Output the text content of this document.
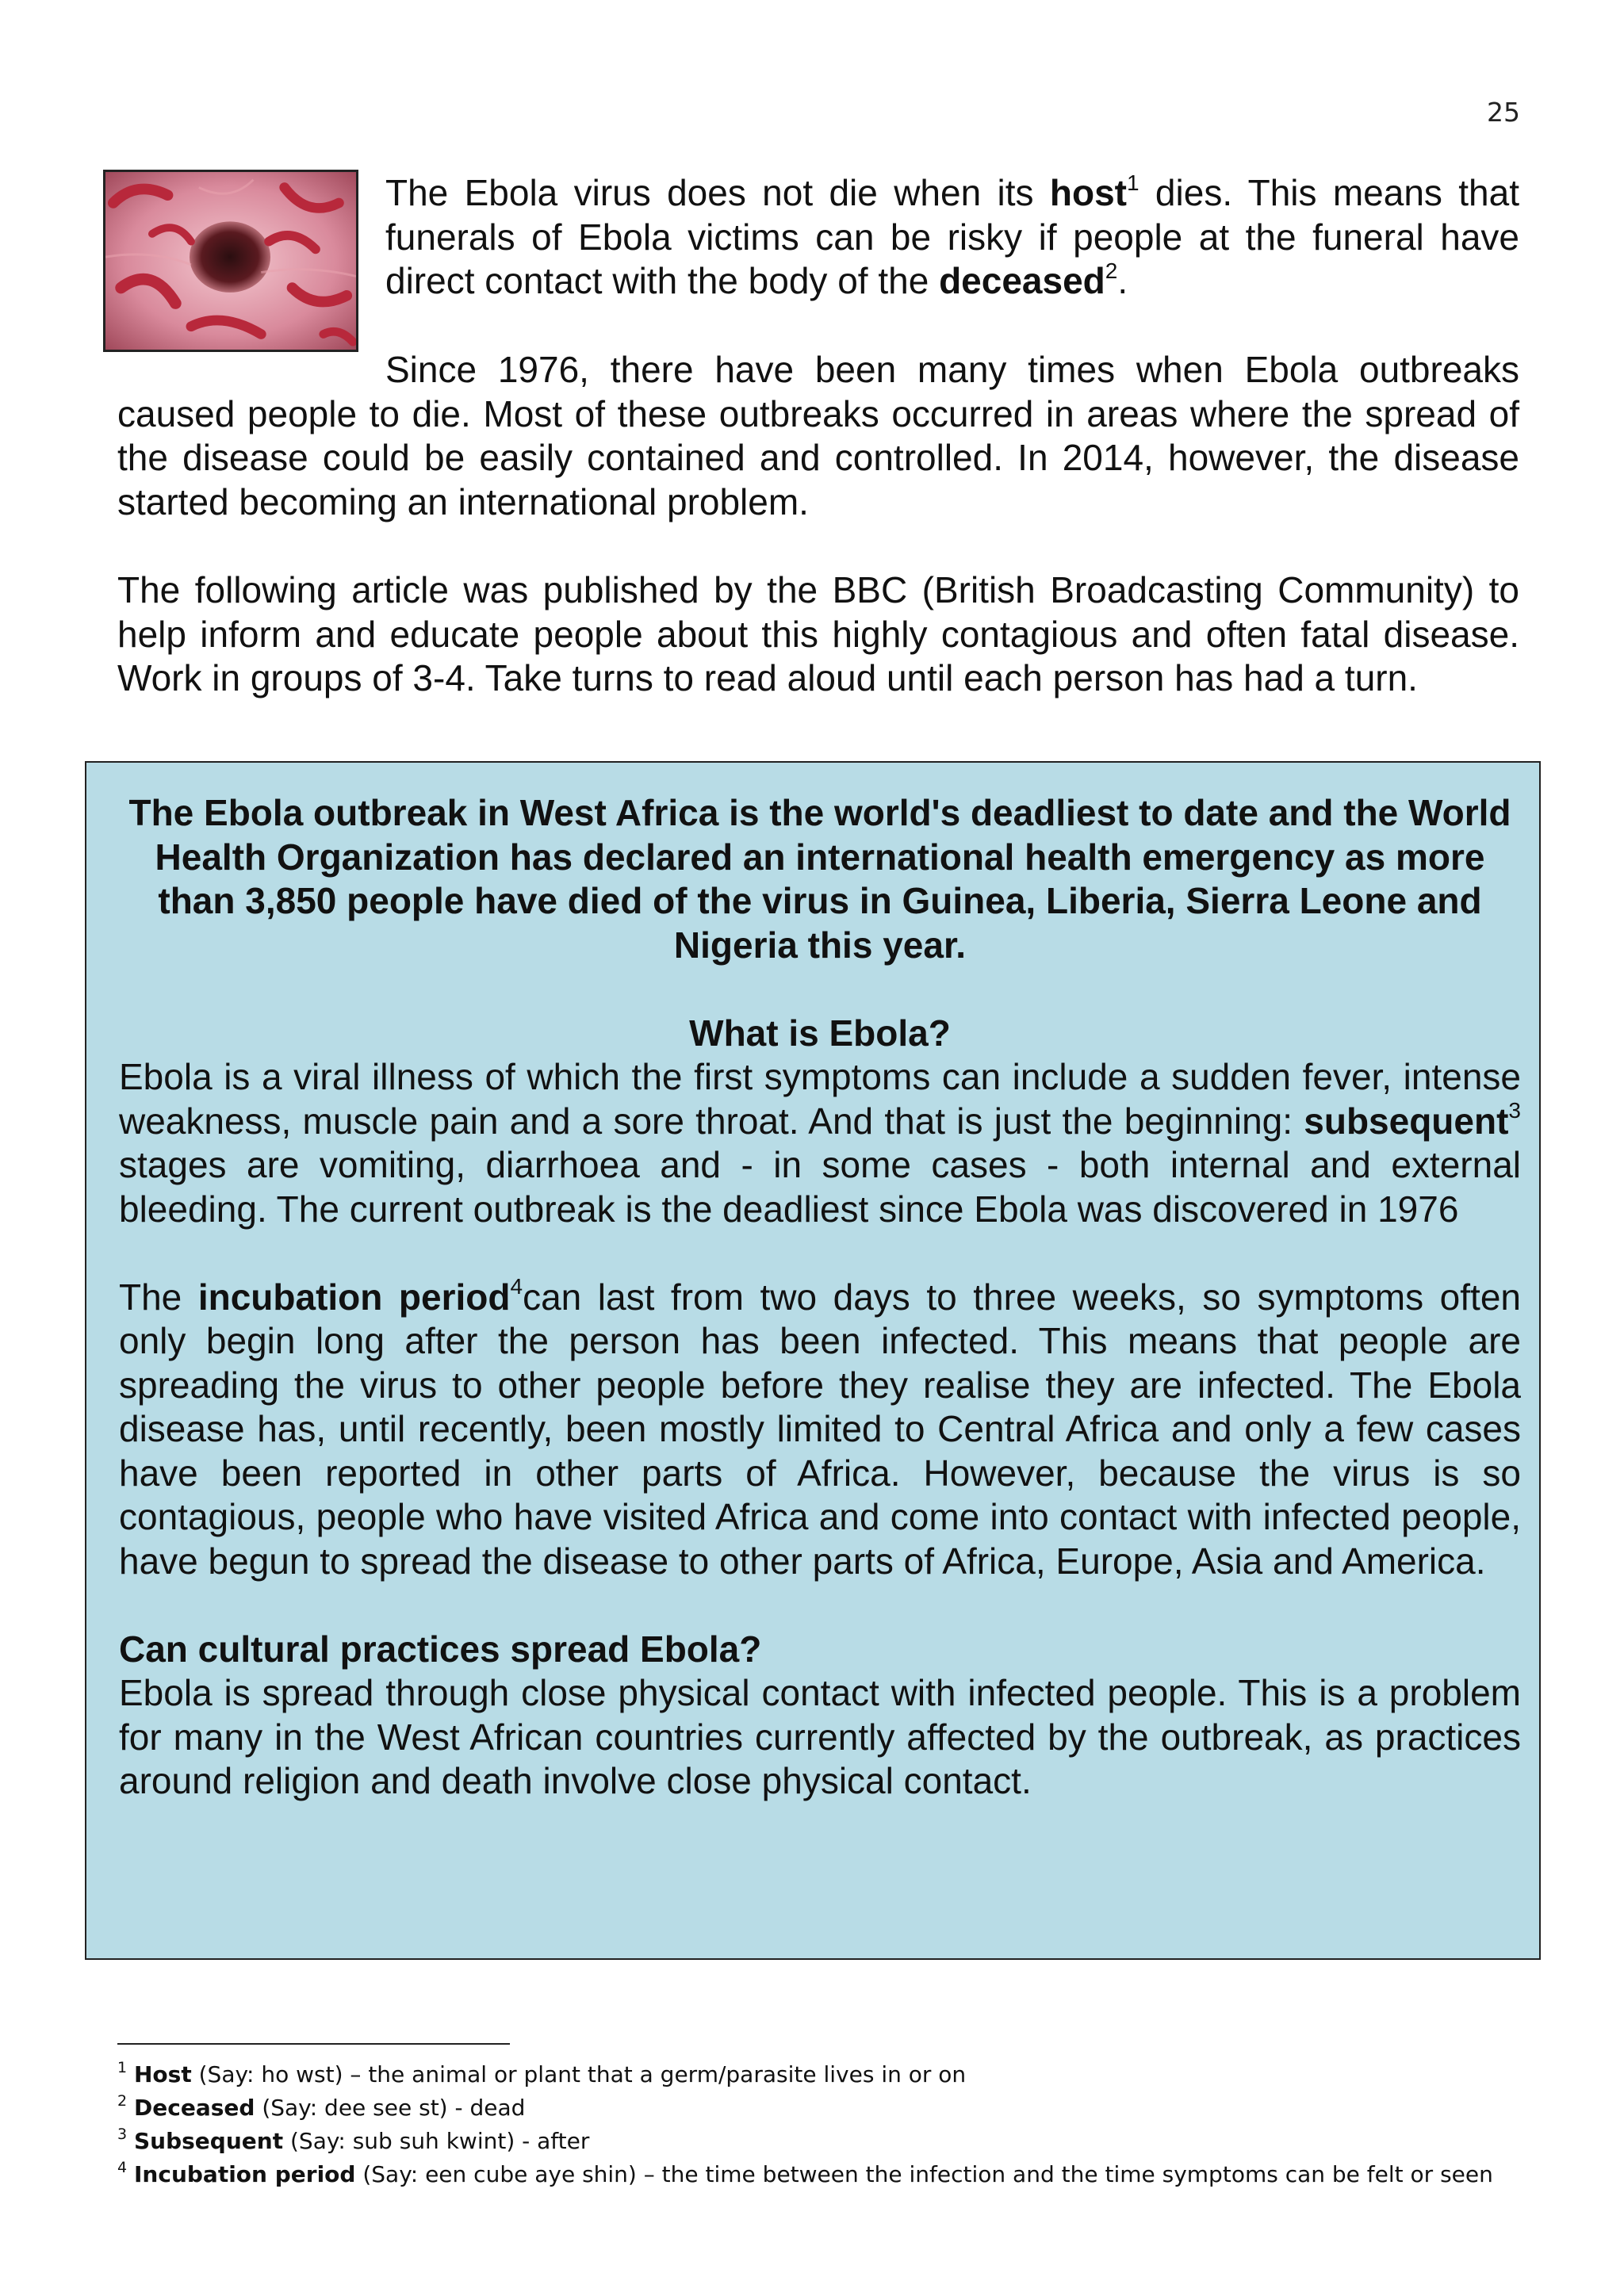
25

The Ebola virus does not die when its host$^1$ dies. This means that funerals of Ebola victims can be risky if people at the funeral have direct contact with the body of the deceased$^2$.

Since 1976, there have been many times when Ebola outbreaks caused people to die. Most of these outbreaks occurred in areas where the spread of the disease could be easily contained and controlled. In 2014, however, the disease started becoming an international problem.

The following article was published by the BBC (British Broadcasting Community) to help inform and educate people about this highly contagious and often fatal disease. Work in groups of 3-4. Take turns to read aloud until each person has had a turn.

The Ebola outbreak in West Africa is the world's deadliest to date and the World Health Organization has declared an international health emergency as more than 3,850 people have died of the virus in Guinea, Liberia, Sierra Leone and Nigeria this year.

What is Ebola?

Ebola is a viral illness of which the first symptoms can include a sudden fever, intense weakness, muscle pain and a sore throat. And that is just the beginning: subsequent$^3$ stages are vomiting, diarrhoea and - in some cases - both internal and external bleeding. The current outbreak is the deadliest since Ebola was discovered in 1976

The incubation period$^4$can last from two days to three weeks, so symptoms often only begin long after the person has been infected. This means that people are spreading the virus to other people before they realise they are infected. The Ebola disease has, until recently, been mostly limited to Central Africa and only a few cases have been reported in other parts of Africa. However, because the virus is so contagious, people who have visited Africa and come into contact with infected people, have begun to spread the disease to other parts of Africa, Europe, Asia and America.

Can cultural practices spread Ebola?

Ebola is spread through close physical contact with infected people. This is a problem for many in the West African countries currently affected by the outbreak, as practices around religion and death involve close physical contact.

$^1$ Host (Say: ho wst) – the animal or plant that a germ/parasite lives in or on
$^2$ Deceased (Say: dee see st) - dead
$^3$ Subsequent (Say: sub suh kwint) - after
$^4$ Incubation period (Say: een cube aye shin) – the time between the infection and the time symptoms can be felt or seen
